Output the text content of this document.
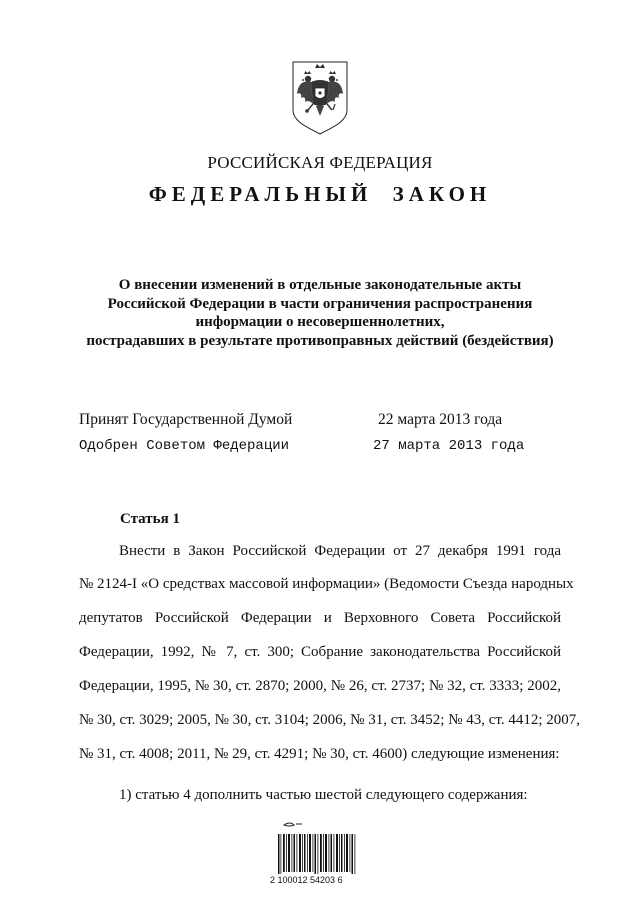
РОССИЙСКАЯ ФЕДЕРАЦИЯ
ФЕДЕРАЛЬНЫЙ ЗАКОН
О внесении изменений в отдельные законодательные акты
Российской Федерации в части ограничения распространения
информации о несовершеннолетних,
пострадавших в результате противоправных действий (бездействия)
Принят Государственной Думой	22 марта 2013 года
Одобрен Советом Федерации	27 марта 2013 года
Статья 1
Внести в Закон Российской Федерации от 27 декабря 1991 года
№ 2124-I «О средствах массовой информации» (Ведомости Съезда народных
депутатов Российской Федерации и Верховного Совета Российской
Федерации, 1992, № 7, ст. 300; Собрание законодательства Российской
Федерации, 1995, № 30, ст. 2870; 2000, № 26, ст. 2737; № 32, ст. 3333; 2002,
№ 30, ст. 3029; 2005, № 30, ст. 3104; 2006, № 31, ст. 3452; № 43, ст. 4412; 2007,
№ 31, ст. 4008; 2011, № 29, ст. 4291; № 30, ст. 4600) следующие изменения:
1) статью 4 дополнить частью шестой следующего содержания:
2 100012 54203 6
